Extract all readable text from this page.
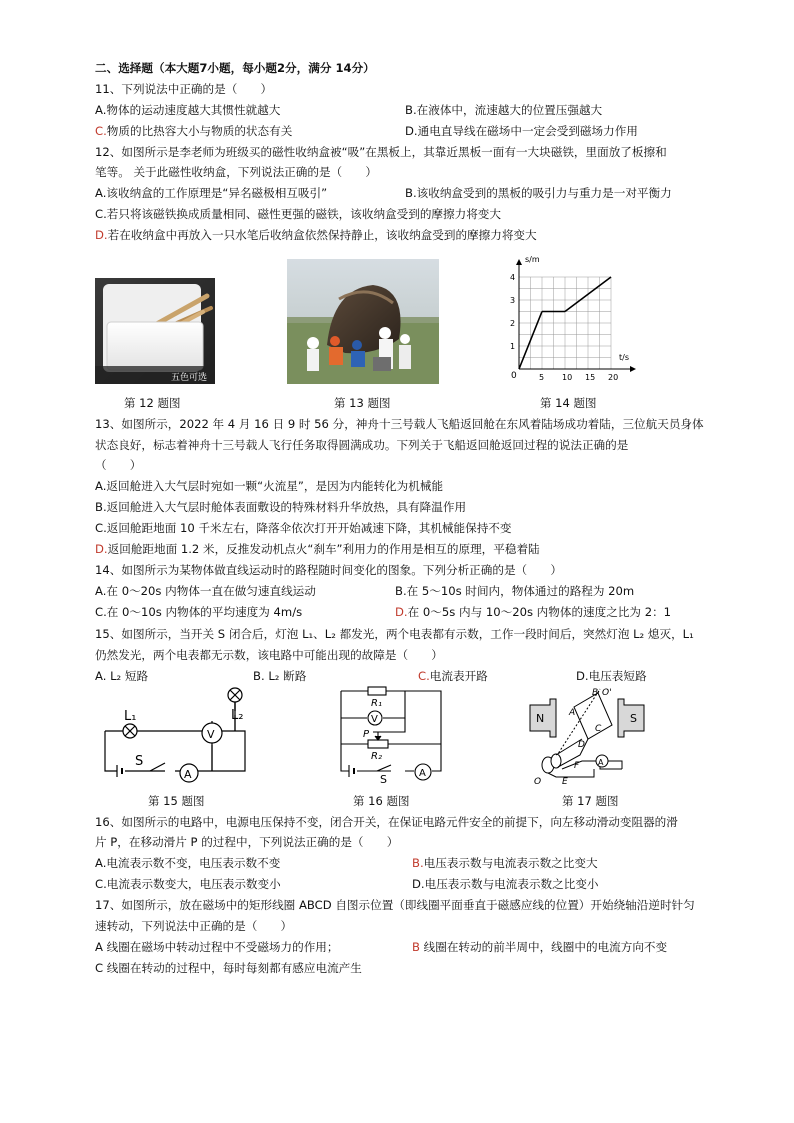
二、选择题（本大题7小题，每小题2分，满分 14分）
11、下列说法中正确的是（　　）
A.物体的运动速度越大其惯性就越大	B.在液体中，流速越大的位置压强越大
C.物质的比热容大小与物质的状态有关	D.通电直导线在磁场中一定会受到磁场力作用
12、如图所示是李老师为班级买的磁性收纳盒被“吸”在黑板上，其靠近黑板一面有一大块磁铁，里面放了板擦和
笔等。 关于此磁性收纳盒，下列说法正确的是（　　）
A.该收纳盒的工作原理是“异名磁极相互吸引”	B.该收纳盒受到的黑板的吸引力与重力是一对平衡力
C.若只将该磁铁换成质量相同、磁性更强的磁铁，该收纳盒受到的摩擦力将变大
D.若在收纳盒中再放入一只水笔后收纳盒依然保持静止，该收纳盒受到的摩擦力将变大
五色可选
s/m
t/s
0
1
2
3
4
5 10 15 20
第 12 题图	第 13 题图	第 14 题图
13、如图所示，2022 年 4 月 16 日 9 时 56 分，神舟十三号载人飞船返回舱在东风着陆场成功着陆，三位航天员身体
状态良好，标志着神舟十三号载人飞行任务取得圆满成功。下列关于飞船返回舱返回过程的说法正确的是
（　　）
A.返回舱进入大气层时宛如一颗“火流星”，是因为内能转化为机械能
B.返回舱进入大气层时舱体表面敷设的特殊材料升华放热，具有降温作用
C.返回舱距地面 10 千米左右，降落伞依次打开开始减速下降，其机械能保持不变
D.返回舱距地面 1.2 米，反推发动机点火“刹车”利用力的作用是相互的原理，平稳着陆
14、如图所示为某物体做直线运动时的路程随时间变化的图象。下列分析正确的是（　　）
A.在 0～20s 内物体一直在做匀速直线运动	B.在 5～10s 时间内，物体通过的路程为 20m
C.在 0～10s 内物体的平均速度为 4m/s	D.在 0～5s 内与 10～20s 内物体的速度之比为 2：1
15、如图所示，当开关 S 闭合后，灯泡 L₁、L₂ 都发光，两个电表都有示数，工作一段时间后，突然灯泡 L₂ 熄灭，L₁
仍然发光，两个电表都无示数，该电路中可能出现的故障是（　　）
A. L₂ 短路	B. L₂ 断路	C.电流表开路	D.电压表短路
L₁	L₂
V
A
S
R₁
R₂
P
V
A
S
N	S
A
B
C
D
E
F
O
O'
A
第 15 题图	第 16 题图	第 17 题图
16、如图所示的电路中，电源电压保持不变，闭合开关，在保证电路元件安全的前提下，向左移动滑动变阻器的滑
片 P，在移动滑片 P 的过程中，下列说法正确的是（　　）
A.电流表示数不变，电压表示数不变	B.电压表示数与电流表示数之比变大
C.电流表示数变大，电压表示数变小	D.电压表示数与电流表示数之比变小
17、如图所示，放在磁场中的矩形线圈 ABCD 自图示位置（即线圈平面垂直于磁感应线的位置）开始绕轴沿逆时针匀
速转动，下列说法中正确的是（　　）
A 线圈在磁场中转动过程中不受磁场力的作用；	B 线圈在转动的前半周中，线圈中的电流方向不变
C 线圈在转动的过程中，每时每刻都有感应电流产生
